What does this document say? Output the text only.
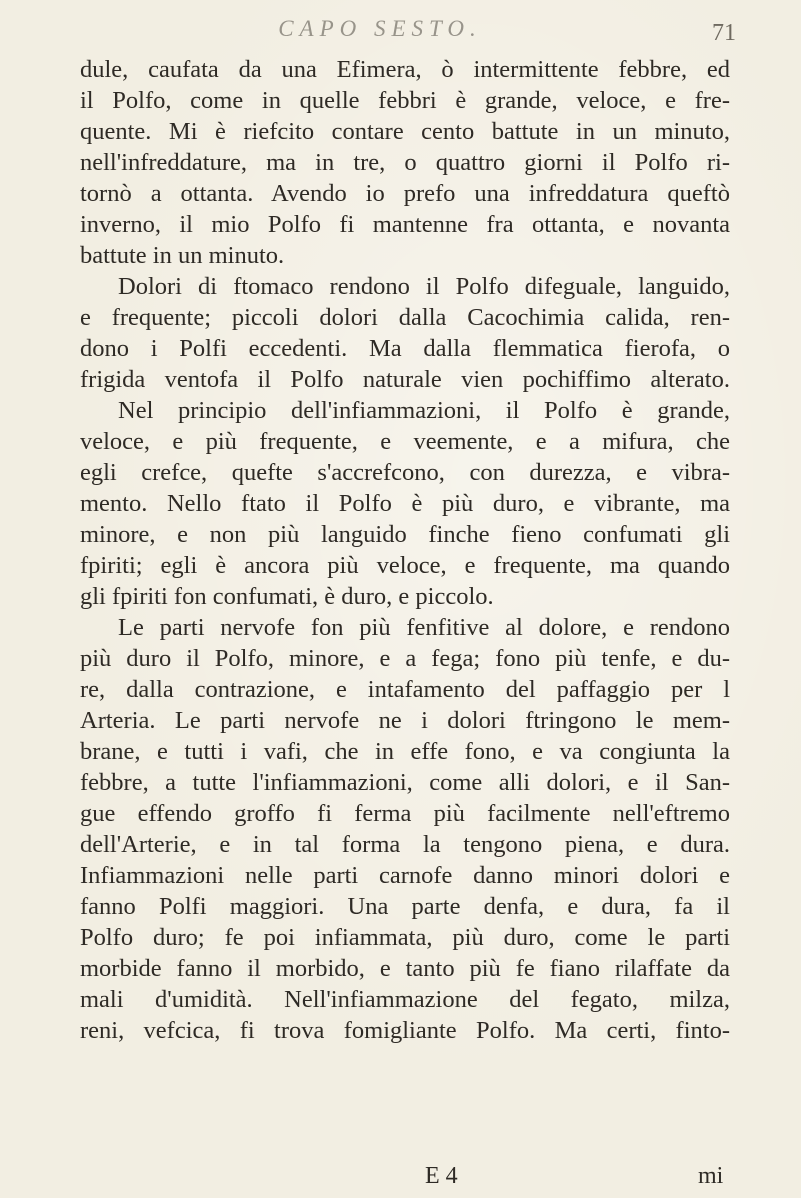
CAPO SESTO.	71
dule, caufata da una Efimera, ò intermittente febbre, ed
il Polfo, come in quelle febbri è grande, veloce, e fre-
quente. Mi è riefcito contare cento battute in un minuto,
nell'infreddature, ma in tre, o quattro giorni il Polfo ri-
tornò a ottanta. Avendo io prefo una infreddatura queftò
inverno, il mio Polfo fi mantenne fra ottanta, e novanta
battute in un minuto.
Dolori di ftomaco rendono il Polfo difeguale, languido,
e frequente; piccoli dolori dalla Cacochimia calida, ren-
dono i Polfi eccedenti. Ma dalla flemmatica fierofa, o
frigida ventofa il Polfo naturale vien pochiffimo alterato.
Nel principio dell'infiammazioni, il Polfo è grande,
veloce, e più frequente, e veemente, e a mifura, che
egli crefce, quefte s'accrefcono, con durezza, e vibra-
mento. Nello ftato il Polfo è più duro, e vibrante, ma
minore, e non più languido finche fieno confumati gli
fpiriti; egli è ancora più veloce, e frequente, ma quando
gli fpiriti fon confumati, è duro, e piccolo.
Le parti nervofe fon più fenfitive al dolore, e rendono
più duro il Polfo, minore, e a fega; fono più tenfe, e du-
re, dalla contrazione, e intafamento del paffaggio per l
Arteria. Le parti nervofe ne i dolori ftringono le mem-
brane, e tutti i vafi, che in effe fono, e va congiunta la
febbre, a tutte l'infiammazioni, come alli dolori, e il San-
gue effendo groffo fi ferma più facilmente nell'eftremo
dell'Arterie, e in tal forma la tengono piena, e dura.
Infiammazioni nelle parti carnofe danno minori dolori e
fanno Polfi maggiori. Una parte denfa, e dura, fa il
Polfo duro; fe poi infiammata, più duro, come le parti
morbide fanno il morbido, e tanto più fe fiano rilaffate da
mali d'umidità. Nell'infiammazione del fegato, milza,
reni, vefcica, fi trova fomigliante Polfo. Ma certi, finto-
E 4	mi
